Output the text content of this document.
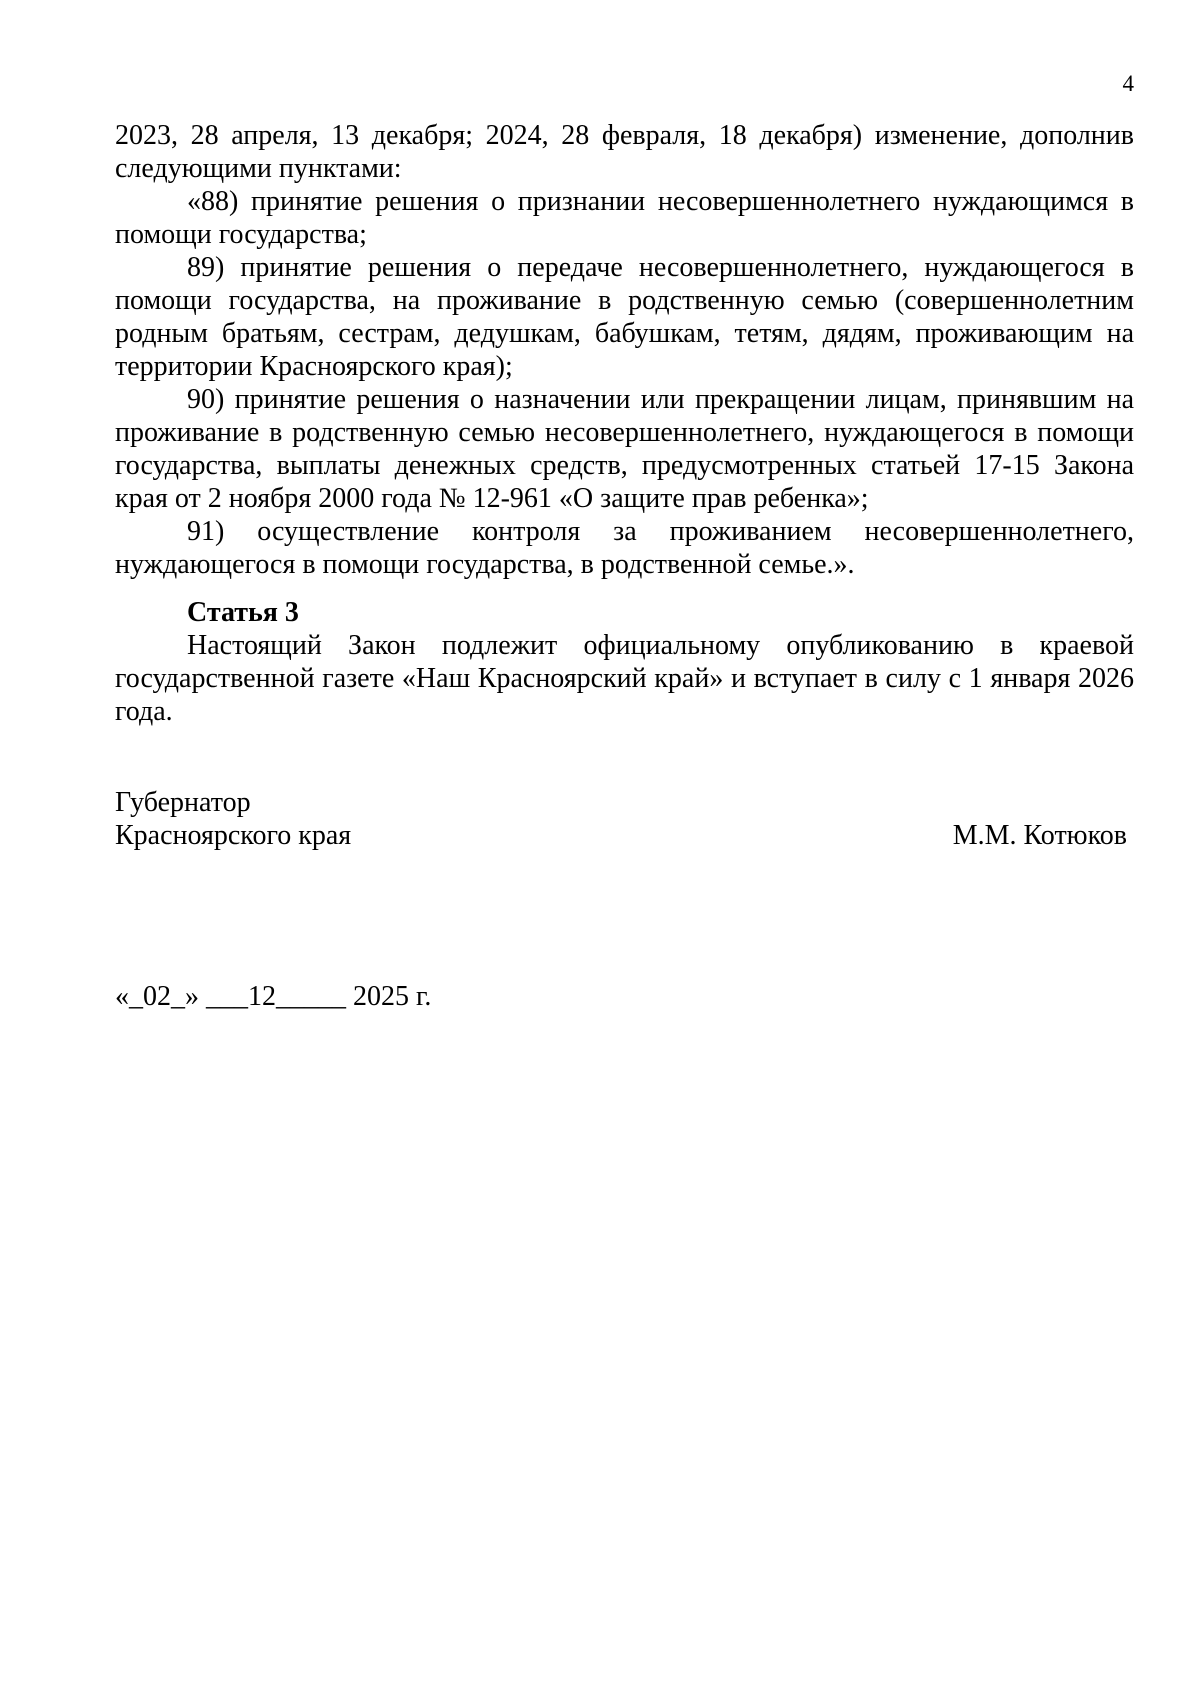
4

2023, 28 апреля, 13 декабря; 2024, 28 февраля, 18 декабря) изменение, дополнив следующими пунктами:

«88) принятие решения о признании несовершеннолетнего нуждающимся в помощи государства;

89) принятие решения о передаче несовершеннолетнего, нуждающегося в помощи государства, на проживание в родственную семью (совершеннолетним родным братьям, сестрам, дедушкам, бабушкам, тетям, дядям, проживающим на территории Красноярского края);

90) принятие решения о назначении или прекращении лицам, принявшим на проживание в родственную семью несовершеннолетнего, нуждающегося в помощи государства, выплаты денежных средств, предусмотренных статьей 17-15 Закона края от 2 ноября 2000 года № 12-961 «О защите прав ребенка»;

91) осуществление контроля за проживанием несовершеннолетнего, нуждающегося в помощи государства, в родственной семье.».

Статья 3

Настоящий Закон подлежит официальному опубликованию в краевой государственной газете «Наш Красноярский край» и вступает в силу с 1 января 2026 года.

Губернатор
Красноярского края	М.М. Котюков
«_02_» ___12_____ 2025 г.
